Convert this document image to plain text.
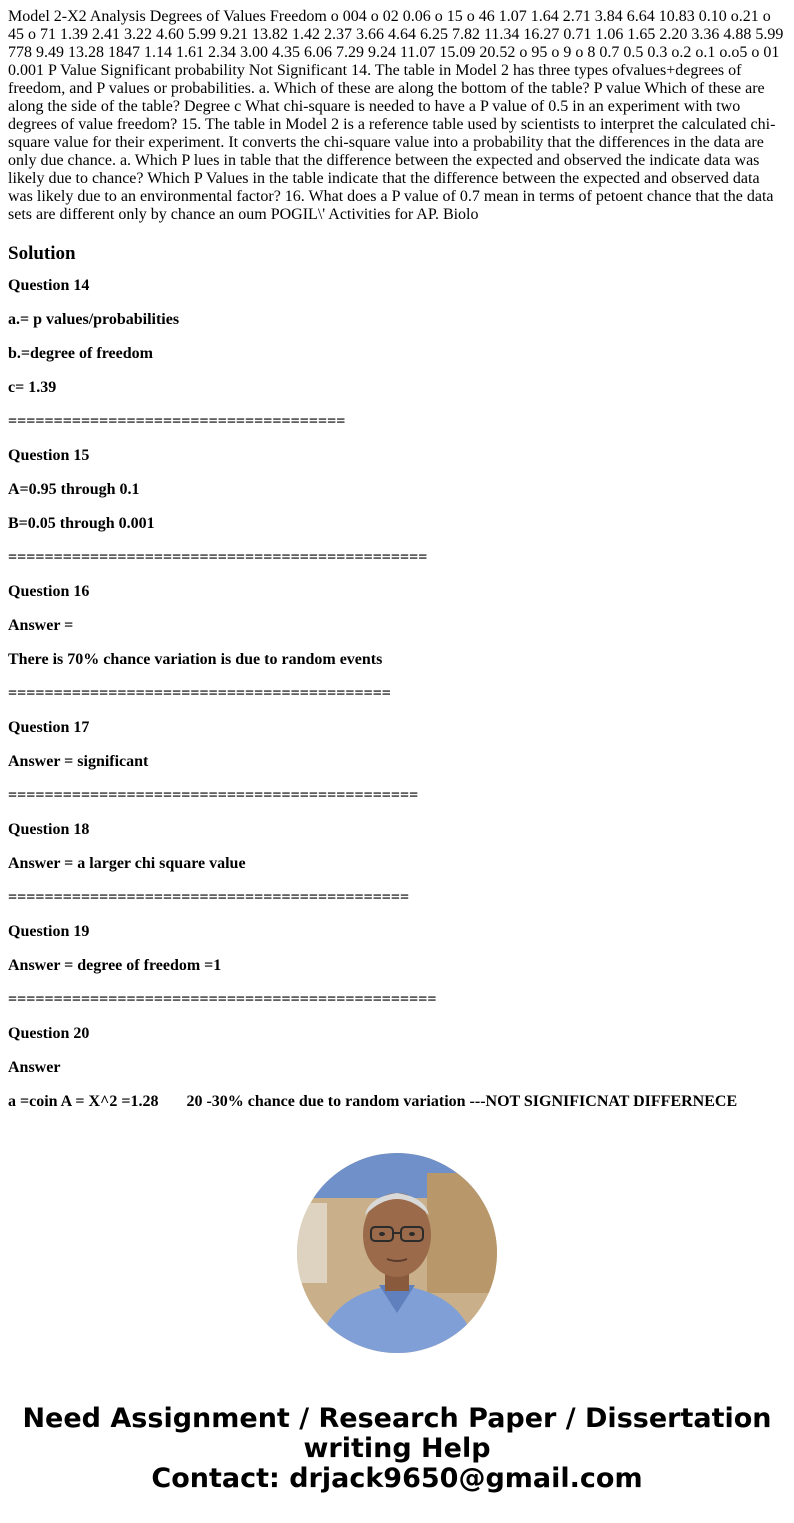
Model 2-X2 Analysis Degrees of Values Freedom o 004 o 02 0.06 o 15 o 46 1.07 1.64 2.71 3.84 6.64 10.83 0.10 o.21 o 45 o 71 1.39 2.41 3.22 4.60 5.99 9.21 13.82 1.42 2.37 3.66 4.64 6.25 7.82 11.34 16.27 0.71 1.06 1.65 2.20 3.36 4.88 5.99 778 9.49 13.28 1847 1.14 1.61 2.34 3.00 4.35 6.06 7.29 9.24 11.07 15.09 20.52 o 95 o 9 o 8 0.7 0.5 0.3 o.2 o.1 o.o5 o 01 0.001 P Value Significant probability Not Significant 14. The table in Model 2 has three types ofvalues+degrees of freedom, and P values or probabilities. a. Which of these are along the bottom of the table? P value Which of these are along the side of the table? Degree c What chi-square is needed to have a P value of 0.5 in an experiment with two degrees of value freedom? 15. The table in Model 2 is a reference table used by scientists to interpret the calculated chi-square value for their experiment. It converts the chi-square value into a probability that the differences in the data are only due chance. a. Which P lues in table that the difference between the expected and observed the indicate data was likely due to chance? Which P Values in the table indicate that the difference between the expected and observed data was likely due to an environmental factor? 16. What does a P value of 0.7 mean in terms of petoent chance that the data sets are different only by chance an oum POGIL\' Activities for AP. Biolo

Solution

Question 14

a.= p values/probabilities

b.=degree of freedom

c= 1.39

=====================================

Question 15

A=0.95 through 0.1

B=0.05 through 0.001

==============================================

Question 16

Answer =

There is 70% chance variation is due to random events

==========================================

Question 17

Answer = significant

=============================================

Question 18

Answer = a larger chi square value

============================================

Question 19

Answer = degree of freedom =1

===============================================

Question 20

Answer

a =coin A = X^2 =1.28       20 -30% chance due to random variation ---NOT SIGNIFICNAT DIFFERNECE

Need Assignment / Research Paper / Dissertation
writing Help
Contact: drjack9650@gmail.com
